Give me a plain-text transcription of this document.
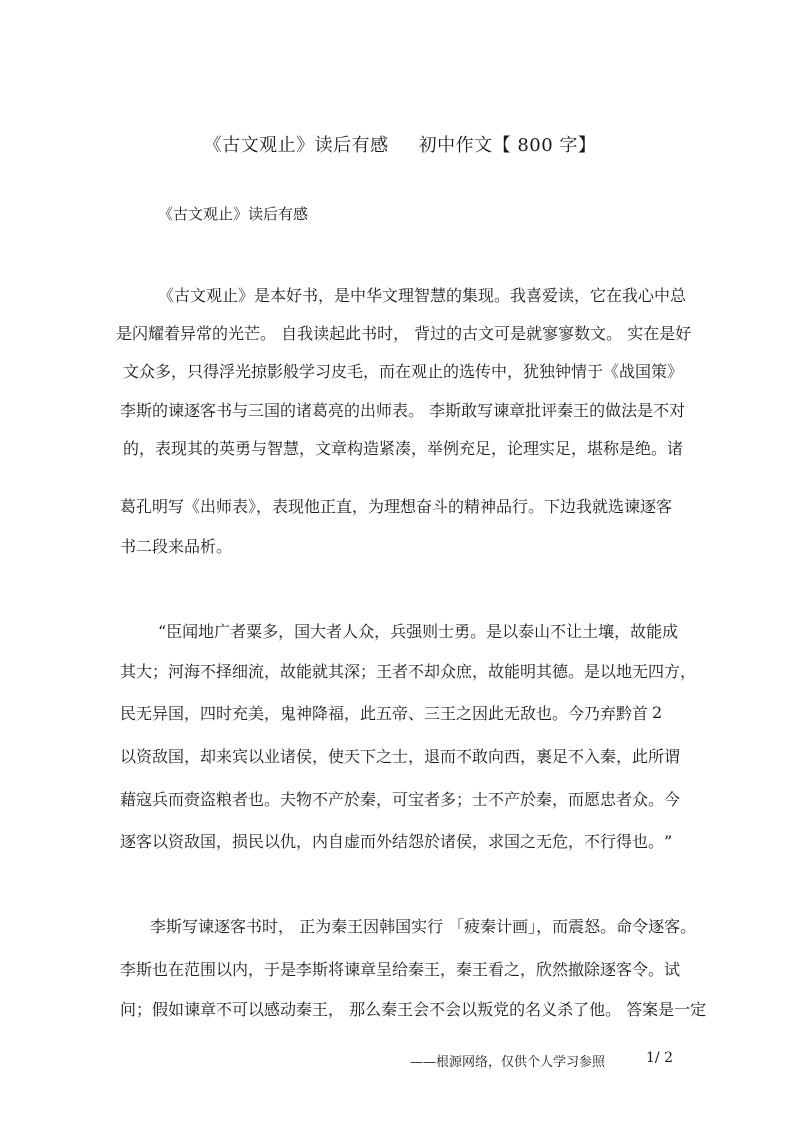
《古文观止》读后有感 初中作文【 800 字】
《古文观止》读后有感
《古文观止》是本好书，是中华文理智慧的集现。我喜爱读，它在我心中总
是闪耀着异常的光芒。 自我读起此书时， 背过的古文可是就寥寥数文。 实在是好
文众多，只得浮光掠影般学习皮毛，而在观止的选传中，犹独钟情于《战国策》
李斯的谏逐客书与三国的诸葛亮的出师表。 李斯敢写谏章批评秦王的做法是不对
的，表现其的英勇与智慧，文章构造紧凑，举例充足，论理实足，堪称是绝。诸
葛孔明写《出师表》，表现他正直，为理想奋斗的精神品行。下边我就选谏逐客
书二段来品析。
“臣闻地广者粟多，国大者人众，兵强则士勇。是以泰山不让土壤，故能成
其大；河海不择细流，故能就其深；王者不却众庶，故能明其德。是以地无四方，
民无异国，四时充美，鬼神降福，此五帝、三王之因此无敌也。今乃弃黔首 2
以资敌国，却来宾以业诸侯，使天下之士，退而不敢向西，裹足不入秦，此所谓
藉寇兵而赍盗粮者也。夫物不产於秦，可宝者多；士不产於秦，而愿忠者众。今
逐客以资敌国，损民以仇，内自虚而外结怨於诸侯，求国之无危，不行得也。 ”
李斯写谏逐客书时， 正为秦王因韩国实行 「疲秦计画」，而震怒。命令逐客。
李斯也在范围以内，于是李斯将谏章呈给秦王，秦王看之，欣然撤除逐客令。试
问；假如谏章不可以感动秦王， 那么秦王会不会以叛党的名义杀了他。 答案是一定
——根源网络，仅供个人学习参照	1/ 2
